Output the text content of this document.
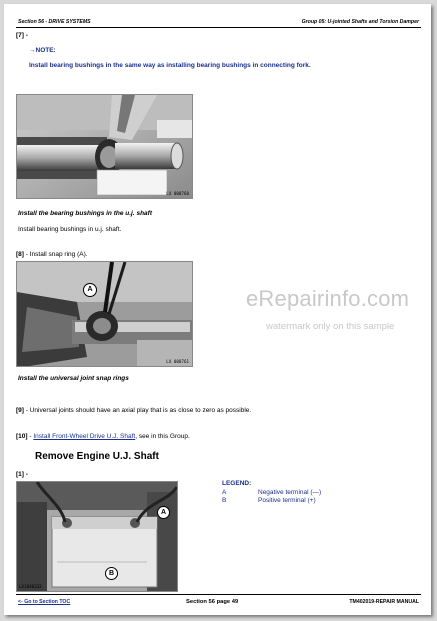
Section 56 - DRIVE SYSTEMS	Group 05: U-jointed Shafts and Torsion Damper
[7] -
→NOTE:
Install bearing bushings in the same way as installing bearing bushings in connecting fork.
LX 000760
Install the bearing bushings in the u.j. shaft
Install bearing bushings in u.j. shaft.
[8] - Install snap ring (A).
A
LX 000761
Install the universal joint snap rings
[9] - Universal joints should have an axial play that is as close to zero as possible.
[10] - Install Front-Wheel Drive U.J. Shaft, see in this Group.
Remove Engine U.J. Shaft
[1] -
A
B
LX1040333
LEGEND:
A	Negative terminal (—)
B	Positive terminal (+)
eRepairinfo.com
watermark only on this sample
<- Go to Section TOC	Section 56 page 49	TM402019-REPAIR MANUAL
